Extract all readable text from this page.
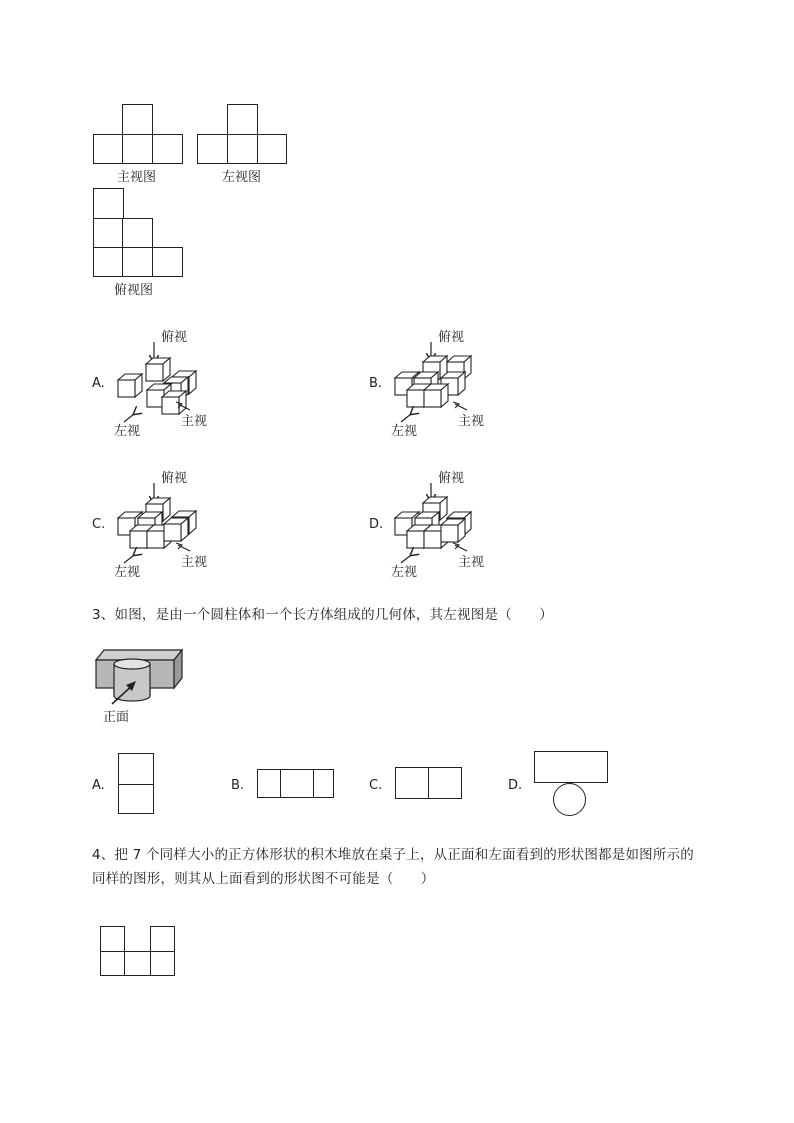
主视图	左视图
俯视图
A.
俯视
左视
主视
B.
俯视
左视
主视
C.
俯视
左视
主视
D.
俯视
左视
主视
3、如图，是由一个圆柱体和一个长方体组成的几何体，其左视图是（　　）
正面
A.	B.	C.	D.
4、把 7 个同样大小的正方体形状的积木堆放在桌子上，从正面和左面看到的形状图都是如图所示的
同样的图形，则其从上面看到的形状图不可能是（　　）
